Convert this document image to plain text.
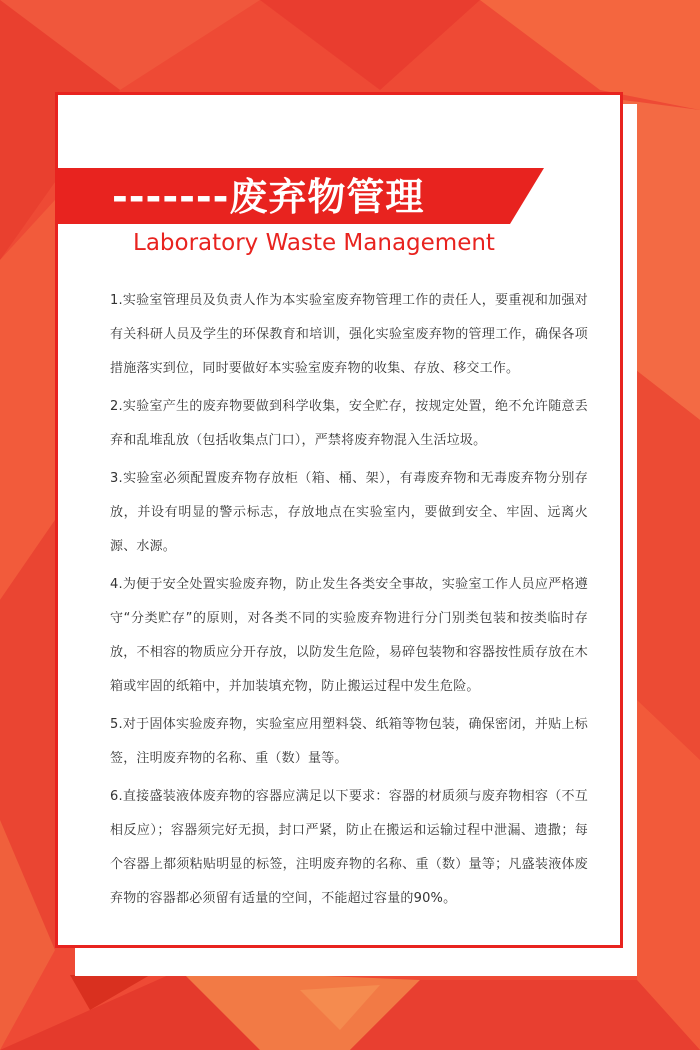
-------废弃物管理
Laboratory Waste Management

1.实验室管理员及负责人作为本实验室废弃物管理工作的责任人，要重视和加强对有关科研人员及学生的环保教育和培训，强化实验室废弃物的管理工作，确保各项措施落实到位，同时要做好本实验室废弃物的收集、存放、移交工作。

2.实验室产生的废弃物要做到科学收集，安全贮存，按规定处置，绝不允许随意丢弃和乱堆乱放（包括收集点门口），严禁将废弃物混入生活垃圾。

3.实验室必须配置废弃物存放柜（箱、桶、架），有毒废弃物和无毒废弃物分别存放，并设有明显的警示标志，存放地点在实验室内，要做到安全、牢固、远离火源、水源。

4.为便于安全处置实验废弃物，防止发生各类安全事故，实验室工作人员应严格遵守“分类贮存”的原则，对各类不同的实验废弃物进行分门别类包装和按类临时存放，不相容的物质应分开存放，以防发生危险，易碎包装物和容器按性质存放在木箱或牢固的纸箱中，并加装填充物，防止搬运过程中发生危险。

5.对于固体实验废弃物，实验室应用塑料袋、纸箱等物包装，确保密闭，并贴上标签，注明废弃物的名称、重（数）量等。

6.直接盛装液体废弃物的容器应满足以下要求：容器的材质须与废弃物相容（不互相反应）；容器须完好无损，封口严紧，防止在搬运和运输过程中泄漏、遗撒；每个容器上都须粘贴明显的标签，注明废弃物的名称、重（数）量等；凡盛装液体废弃物的容器都必须留有适量的空间，不能超过容量的90%。
